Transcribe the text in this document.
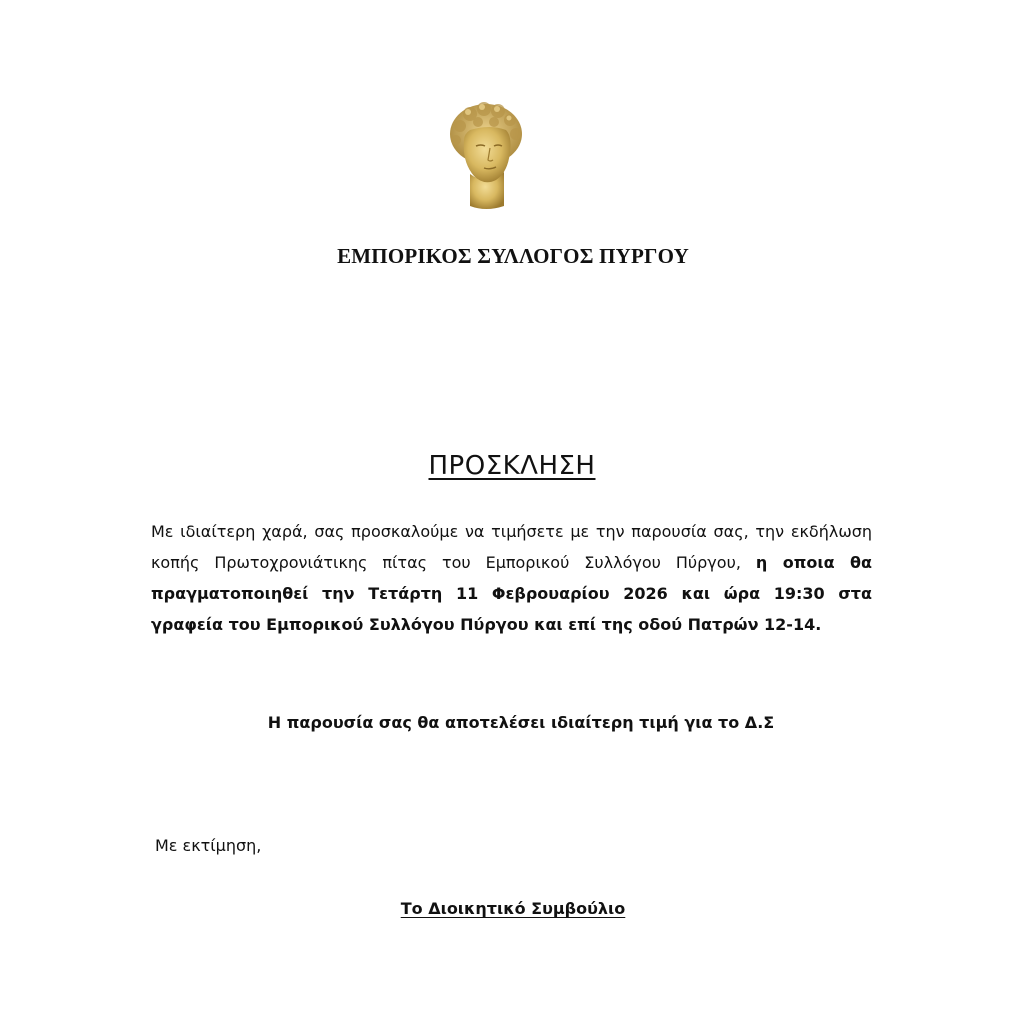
ΕΜΠΟΡΙΚΟΣ ΣΥΛΛΟΓΟΣ ΠΥΡΓΟΥ
ΠΡΟΣΚΛΗΣΗ
Με ιδιαίτερη χαρά, σας προσκαλούμε να τιμήσετε με την παρουσία σας, την εκδήλωση κοπής Πρωτοχρονιάτικης πίτας του Εμπορικού Συλλόγου Πύργου, η οποια θα πραγματοποιηθεί την Τετάρτη 11 Φεβρουαρίου 2026 και ώρα 19:30 στα γραφεία του Εμπορικού Συλλόγου Πύργου και επί της οδού Πατρών 12-14.
Η παρουσία σας θα αποτελέσει ιδιαίτερη τιμή για το Δ.Σ
Με εκτίμηση,
Το Διοικητικό Συμβούλιο
